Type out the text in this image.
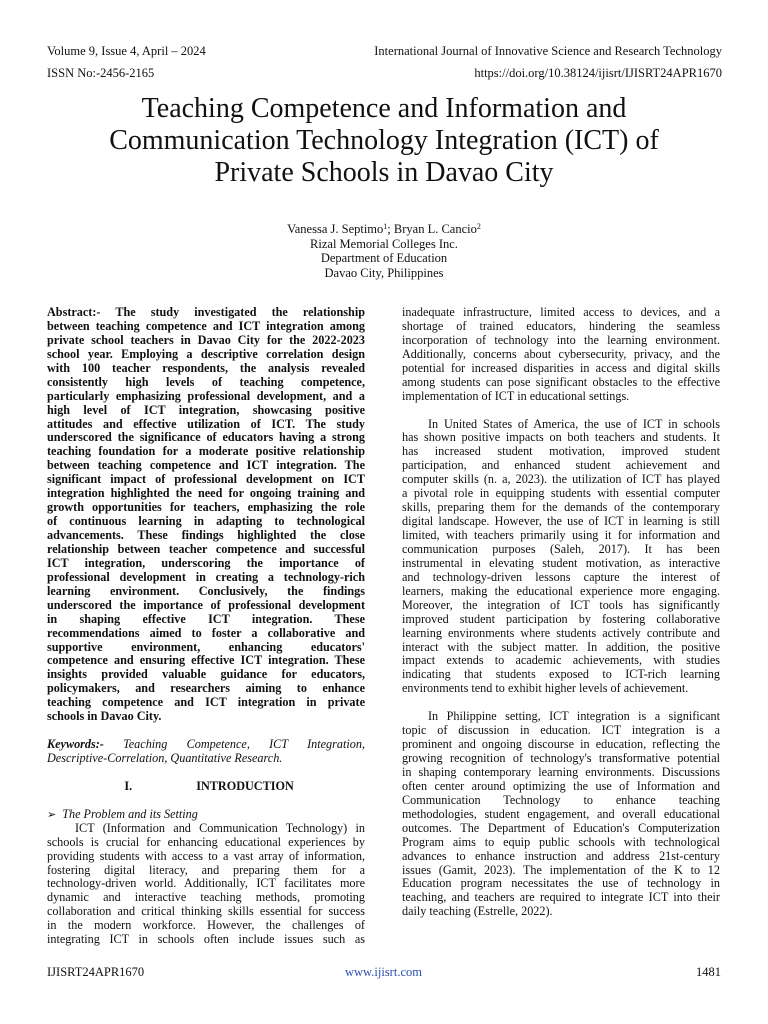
Volume 9, Issue 4, April – 2024	International Journal of Innovative Science and Research Technology
ISSN No:-2456-2165	https://doi.org/10.38124/ijisrt/IJISRT24APR1670
Teaching Competence and Information and
Communication Technology Integration (ICT) of
Private Schools in Davao City
Vanessa J. Septimo$^1$; Bryan L. Cancio$^2$
Rizal Memorial Colleges Inc.
Department of Education
Davao City, Philippines
Abstract:- The study investigated the relationship
between teaching competence and ICT integration among
private school teachers in Davao City for the 2022-2023
school year. Employing a descriptive correlation design
with 100 teacher respondents, the analysis revealed
consistently high levels of teaching competence,
particularly emphasizing professional development, and a
high level of ICT integration, showcasing positive
attitudes and effective utilization of ICT. The study
underscored the significance of educators having a strong
teaching foundation for a moderate positive relationship
between teaching competence and ICT integration. The
significant impact of professional development on ICT
integration highlighted the need for ongoing training and
growth opportunities for teachers, emphasizing the role
of continuous learning in adapting to technological
advancements. These findings highlighted the close
relationship between teacher competence and successful
ICT integration, underscoring the importance of
professional development in creating a technology-rich
learning environment. Conclusively, the findings
underscored the importance of professional development
in shaping effective ICT integration. These
recommendations aimed to foster a collaborative and
supportive environment, enhancing educators'
competence and ensuring effective ICT integration. These
insights provided valuable guidance for educators,
policymakers, and researchers aiming to enhance
teaching competence and ICT integration in private
schools in Davao City.
Keywords:- Teaching Competence, ICT Integration,
Descriptive-Correlation, Quantitative Research.
I.	INTRODUCTION
➢ The Problem and its Setting
ICT (Information and Communication Technology) in
schools is crucial for enhancing educational experiences by
providing students with access to a vast array of information,
fostering digital literacy, and preparing them for a
technology-driven world. Additionally, ICT facilitates more
dynamic and interactive teaching methods, promoting
collaboration and critical thinking skills essential for success
in the modern workforce. However, the challenges of
integrating ICT in schools often include issues such as
inadequate infrastructure, limited access to devices, and a
shortage of trained educators, hindering the seamless
incorporation of technology into the learning environment.
Additionally, concerns about cybersecurity, privacy, and the
potential for increased disparities in access and digital skills
among students can pose significant obstacles to the effective
implementation of ICT in educational settings.
In United States of America, the use of ICT in schools
has shown positive impacts on both teachers and students. It
has increased student motivation, improved student
participation, and enhanced student achievement and
computer skills (n. a, 2023). the utilization of ICT has played
a pivotal role in equipping students with essential computer
skills, preparing them for the demands of the contemporary
digital landscape. However, the use of ICT in learning is still
limited, with teachers primarily using it for information and
communication purposes (Saleh, 2017). It has been
instrumental in elevating student motivation, as interactive
and technology-driven lessons capture the interest of
learners, making the educational experience more engaging.
Moreover, the integration of ICT tools has significantly
improved student participation by fostering collaborative
learning environments where students actively contribute and
interact with the subject matter. In addition, the positive
impact extends to academic achievements, with studies
indicating that students exposed to ICT-rich learning
environments tend to exhibit higher levels of achievement.
In Philippine setting, ICT integration is a significant
topic of discussion in education. ICT integration is a
prominent and ongoing discourse in education, reflecting the
growing recognition of technology's transformative potential
in shaping contemporary learning environments. Discussions
often center around optimizing the use of Information and
Communication Technology to enhance teaching
methodologies, student engagement, and overall educational
outcomes. The Department of Education's Computerization
Program aims to equip public schools with technological
advances to enhance instruction and address 21st-century
issues (Gamit, 2023). The implementation of the K to 12
Education program necessitates the use of technology in
teaching, and teachers are required to integrate ICT into their
daily teaching (Estrelle, 2022).
IJISRT24APR1670	www.ijisrt.com	1481
